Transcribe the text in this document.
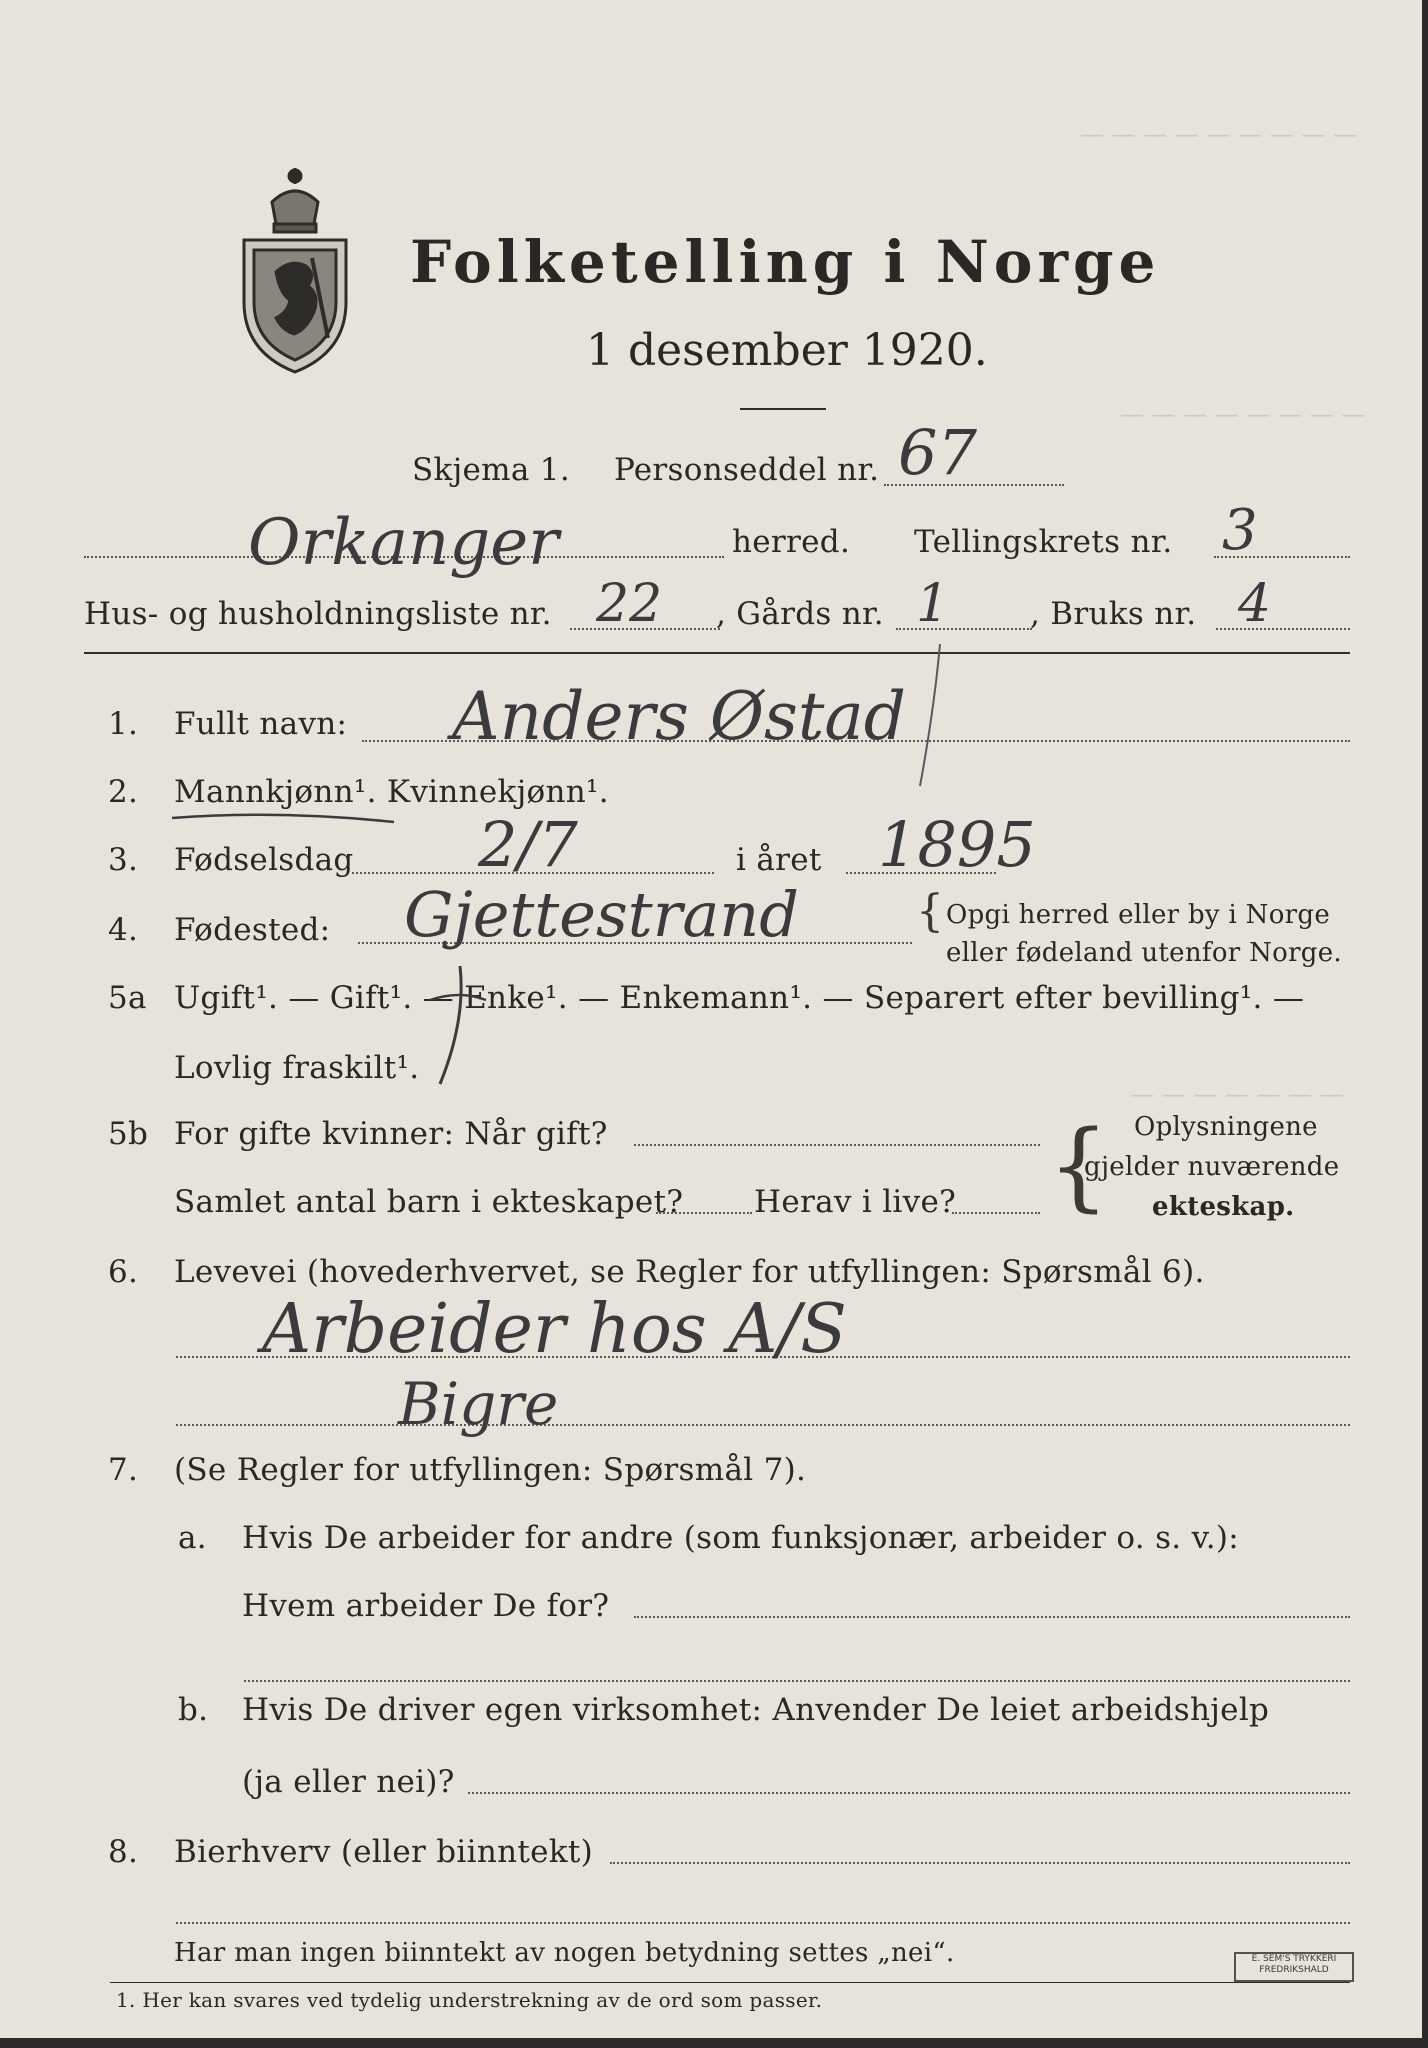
— — — — — — — — —
— — — — — — — —
— — — — — — —
Folketelling i Norge
1 desember 1920.
Skjema 1. Personseddel nr. 67
Orkanger	herred. Tellingskrets nr. 3
Hus- og husholdningsliste nr. 22 , Gårds nr. 1	, Bruks nr. 4
1. Fullt navn: Anders Østad
2. Mannkjønn¹. Kvinnekjønn¹.
3. Fødselsdag 2/7	i året 1895
4. Fødested: Gjettestrand	{ Opgi herred eller by i Norge
eller fødeland utenfor Norge.
5a Ugift¹. — Gift¹. — Enke¹. — Enkemann¹. — Separert efter bevilling¹. —
Lovlig fraskilt¹.
5b For gifte kvinner: Når gift?
Samlet antal barn i ekteskapet? Herav i live? { Oplysningene
gjelder nuværende
ekteskap.
6. Levevei (hovederhvervet, se Regler for utfyllingen: Spørsmål 6).
Arbeider hos A/S
Bigre
7. (Se Regler for utfyllingen: Spørsmål 7).
a. Hvis De arbeider for andre (som funksjonær, arbeider o. s. v.):
Hvem arbeider De for?
b. Hvis De driver egen virksomhet: Anvender De leiet arbeidshjelp
(ja eller nei)?
8. Bierhverv (eller biinntekt)
Har man ingen biinntekt av nogen betydning settes „nei“.
1. Her kan svares ved tydelig understrekning av de ord som passer.
E. SEM'S TRYKKERI FREDRIKSHALD
